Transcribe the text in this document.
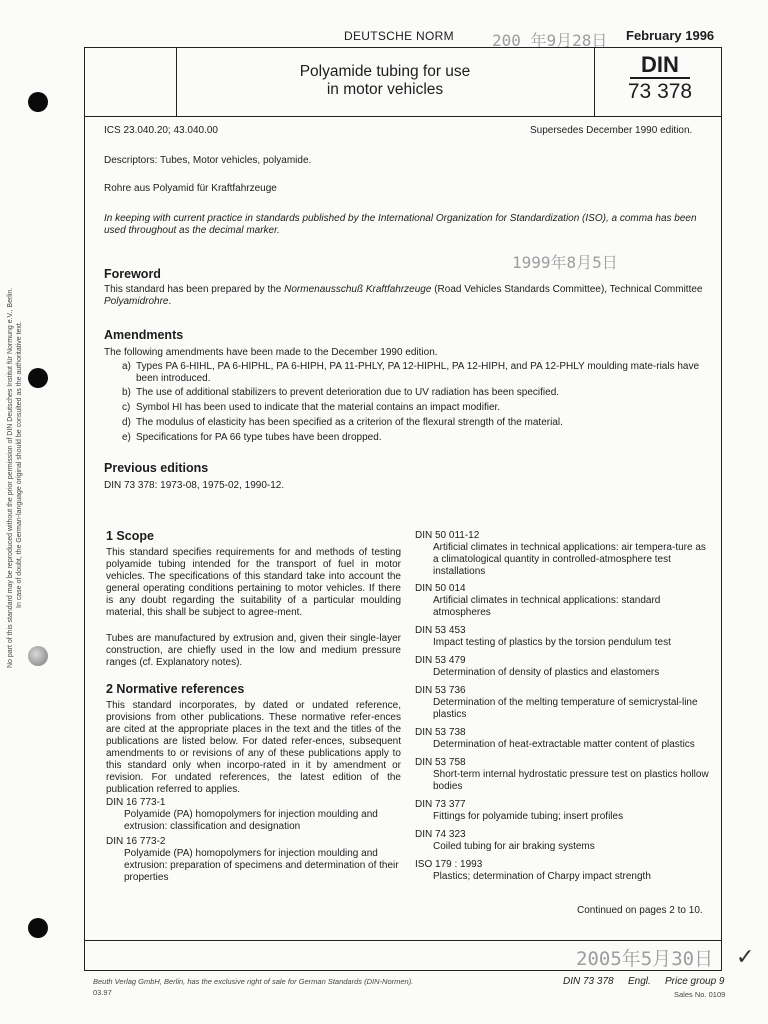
200 年9月28日
1999年8月5日
2005年5月30日 ✓
No part of this standard may be reproduced without the prior permission of DIN Deutsches Institut für Normung e.V., Berlin. In case of doubt, the German-language original should be consulted as the authoritative text.
DEUTSCHE NORM	February 1996
Polyamide tubing for use
in motor vehicles
DIN
73 378
ICS 23.040.20; 43.040.00	Supersedes December 1990 edition.
Descriptors: Tubes, Motor vehicles, polyamide.
Rohre aus Polyamid für Kraftfahrzeuge
In keeping with current practice in standards published by the International Organization for Standardization (ISO), a comma has been used throughout as the decimal marker.
Foreword
This standard has been prepared by the Normenausschuß Kraftfahrzeuge (Road Vehicles Standards Committee), Technical Committee Polyamidrohre.
Amendments
The following amendments have been made to the December 1990 edition.
a) Types PA 6-HIHL, PA 6-HIPHL, PA 6-HIPH, PA 11-PHLY, PA 12-HIPHL, PA 12-HIPH, and PA 12-PHLY moulding mate-rials have been introduced.
b) The use of additional stabilizers to prevent deterioration due to UV radiation has been specified.
c) Symbol HI has been used to indicate that the material contains an impact modifier.
d) The modulus of elasticity has been specified as a criterion of the flexural strength of the material.
e) Specifications for PA 66 type tubes have been dropped.
Previous editions
DIN 73 378: 1973-08, 1975-02, 1990-12.
1 Scope
This standard specifies requirements for and methods of testing polyamide tubing intended for the transport of fuel in motor vehicles. The specifications of this standard take into account the general operating conditions pertaining to motor vehicles. If there is any doubt regarding the suitability of a particular moulding material, this shall be subject to agree-ment.
Tubes are manufactured by extrusion and, given their single-layer construction, are chiefly used in the low and medium pressure ranges (cf. Explanatory notes).
2 Normative references
This standard incorporates, by dated or undated reference, provisions from other publications. These normative refer-ences are cited at the appropriate places in the text and the titles of the publications are listed below. For dated refer-ences, subsequent amendments to or revisions of any of these publications apply to this standard only when incorpo-rated in it by amendment or revision. For undated references, the latest edition of the publication referred to applies.
DIN 16 773-1
Polyamide (PA) homopolymers for injection moulding and extrusion: classification and designation
DIN 16 773-2
Polyamide (PA) homopolymers for injection moulding and extrusion: preparation of specimens and determination of their properties
DIN 50 011-12
Artificial climates in technical applications: air tempera-ture as a climatological quantity in controlled-atmosphere test installations
DIN 50 014
Artificial climates in technical applications: standard atmospheres
DIN 53 453
Impact testing of plastics by the torsion pendulum test
DIN 53 479
Determination of density of plastics and elastomers
DIN 53 736
Determination of the melting temperature of semicrystal-line plastics
DIN 53 738
Determination of heat-extractable matter content of plastics
DIN 53 758
Short-term internal hydrostatic pressure test on plastics hollow bodies
DIN 73 377
Fittings for polyamide tubing; insert profiles
DIN 74 323
Coiled tubing for air braking systems
ISO 179 : 1993
Plastics; determination of Charpy impact strength
Continued on pages 2 to 10.
Beuth Verlag GmbH, Berlin, has the exclusive right of sale for German Standards (DIN-Normen).
03.97
DIN 73 378 Engl. Price group 9
Sales No. 0109
